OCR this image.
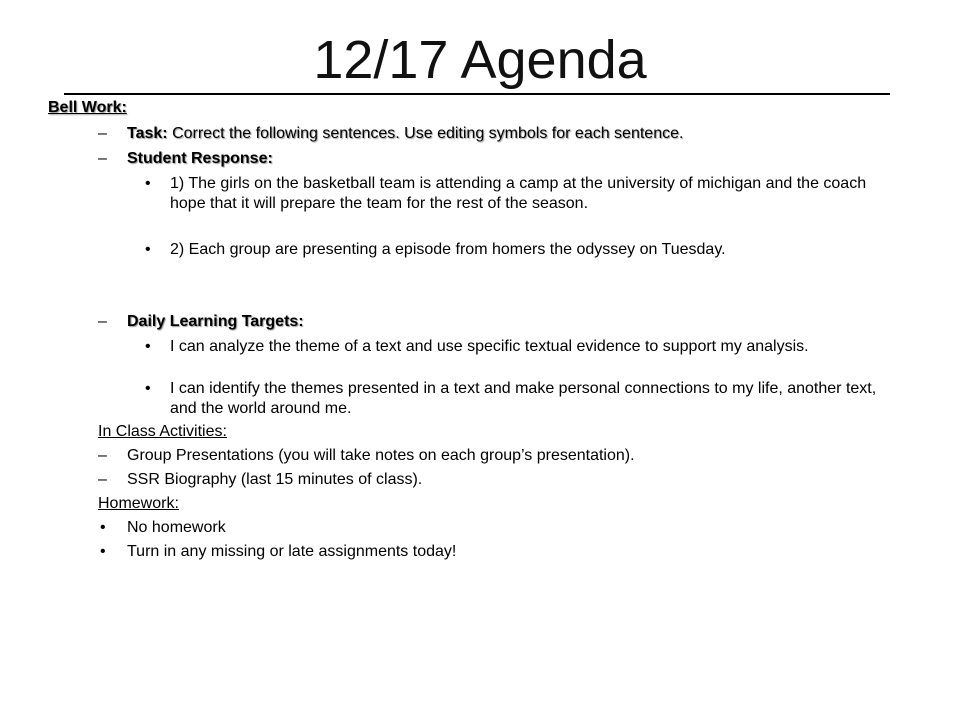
12/17 Agenda
Bell Work:
– Task: Correct the following sentences. Use editing symbols for each sentence.
– Student Response:
• 1) The girls on the basketball team is attending a camp at the university of michigan and the coach hope that it will prepare the team for the rest of the season.
• 2) Each group are presenting a episode from homers the odyssey on Tuesday.
– Daily Learning Targets:
• I can analyze the theme of a text and use specific textual evidence to support my analysis.
• I can identify the themes presented in a text and make personal connections to my life, another text, and the world around me.
In Class Activities:
– Group Presentations (you will take notes on each group’s presentation).
– SSR Biography (last 15 minutes of class).
Homework:
• No homework
• Turn in any missing or late assignments today!
